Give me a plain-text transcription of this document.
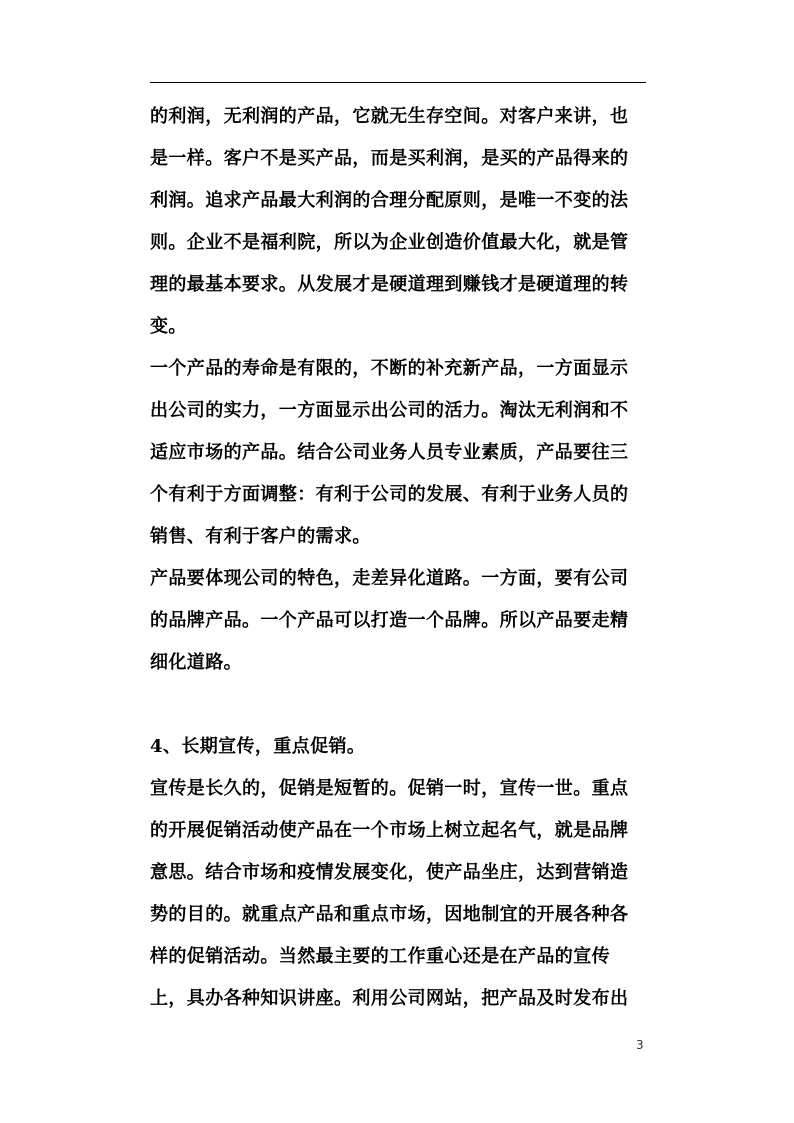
的利润，无利润的产品，它就无生存空间。对客户来讲，也
是一样。客户不是买产品，而是买利润，是买的产品得来的
利润。追求产品最大利润的合理分配原则，是唯一不变的法
则。企业不是福利院，所以为企业创造价值最大化，就是管
理的最基本要求。从发展才是硬道理到赚钱才是硬道理的转
变。
一个产品的寿命是有限的，不断的补充新产品，一方面显示
出公司的实力，一方面显示出公司的活力。淘汰无利润和不
适应市场的产品。结合公司业务人员专业素质，产品要往三
个有利于方面调整：有利于公司的发展、有利于业务人员的
销售、有利于客户的需求。
产品要体现公司的特色，走差异化道路。一方面，要有公司
的品牌产品。一个产品可以打造一个品牌。所以产品要走精
细化道路。
4、长期宣传，重点促销。
宣传是长久的，促销是短暂的。促销一时，宣传一世。重点
的开展促销活动使产品在一个市场上树立起名气，就是品牌
意思。结合市场和疫情发展变化，使产品坐庄，达到营销造
势的目的。就重点产品和重点市场，因地制宜的开展各种各
样的促销活动。当然最主要的工作重心还是在产品的宣传
上，具办各种知识讲座。利用公司网站，把产品及时发布出
3
